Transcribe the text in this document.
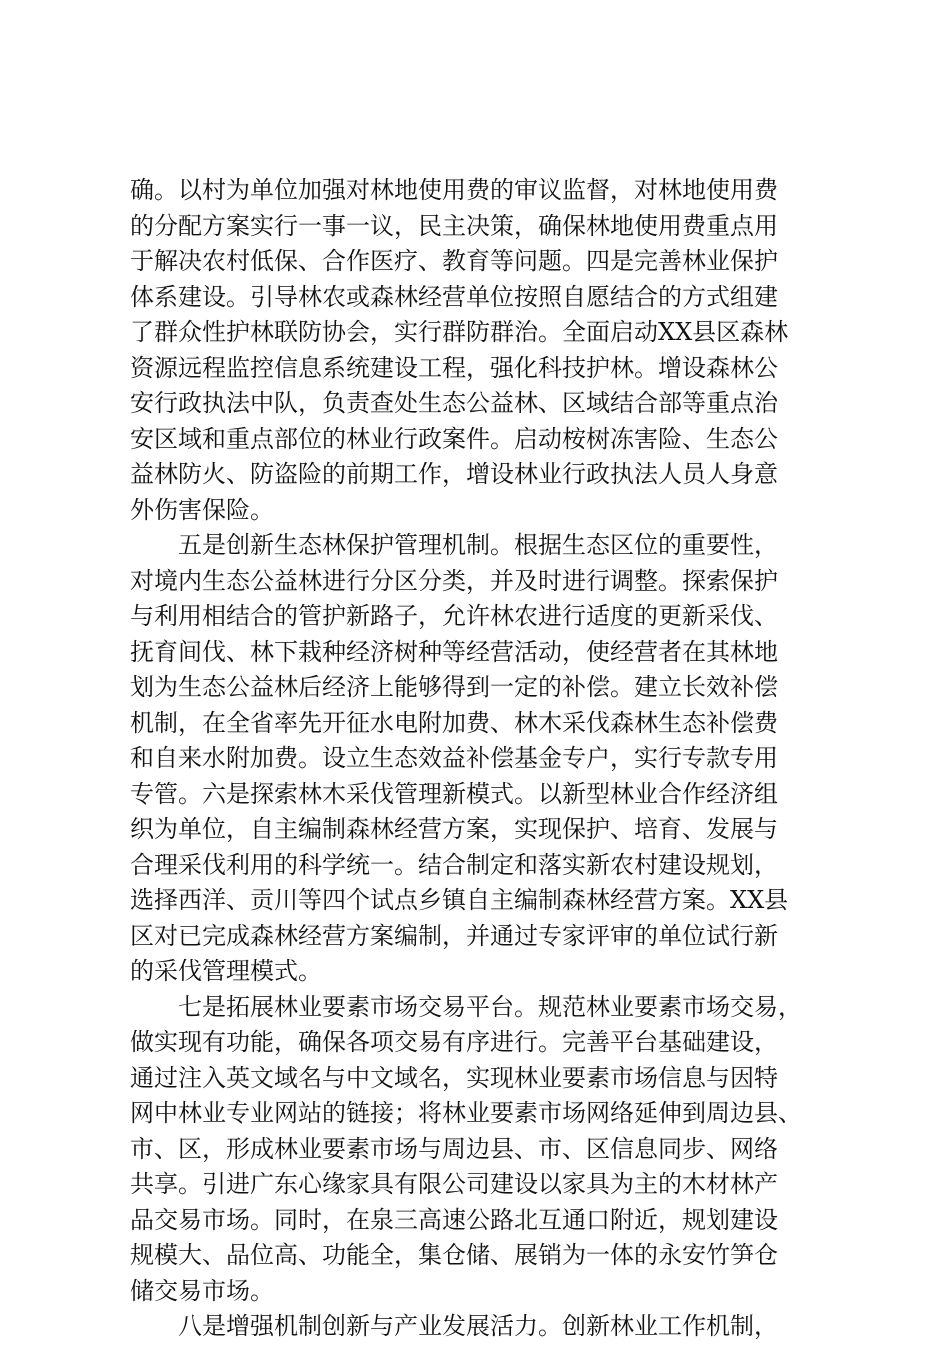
确。以村为单位加强对林地使用费的审议监督，对林地使用费
的分配方案实行一事一议，民主决策，确保林地使用费重点用
于解决农村低保、合作医疗、教育等问题。四是完善林业保护
体系建设。引导林农或森林经营单位按照自愿结合的方式组建
了群众性护林联防协会，实行群防群治。全面启动XX县区森林
资源远程监控信息系统建设工程，强化科技护林。增设森林公
安行政执法中队，负责查处生态公益林、区域结合部等重点治
安区域和重点部位的林业行政案件。启动桉树冻害险、生态公
益林防火、防盗险的前期工作，增设林业行政执法人员人身意
外伤害保险。
五是创新生态林保护管理机制。根据生态区位的重要性，
对境内生态公益林进行分区分类，并及时进行调整。探索保护
与利用相结合的管护新路子，允许林农进行适度的更新采伐、
抚育间伐、林下栽种经济树种等经营活动，使经营者在其林地
划为生态公益林后经济上能够得到一定的补偿。建立长效补偿
机制，在全省率先开征水电附加费、林木采伐森林生态补偿费
和自来水附加费。设立生态效益补偿基金专户，实行专款专用
专管。六是探索林木采伐管理新模式。以新型林业合作经济组
织为单位，自主编制森林经营方案，实现保护、培育、发展与
合理采伐利用的科学统一。结合制定和落实新农村建设规划，
选择西洋、贡川等四个试点乡镇自主编制森林经营方案。XX县
区对已完成森林经营方案编制，并通过专家评审的单位试行新
的采伐管理模式。
七是拓展林业要素市场交易平台。规范林业要素市场交易，
做实现有功能，确保各项交易有序进行。完善平台基础建设，
通过注入英文域名与中文域名，实现林业要素市场信息与因特
网中林业专业网站的链接；将林业要素市场网络延伸到周边县、
市、区，形成林业要素市场与周边县、市、区信息同步、网络
共享。引进广东心缘家具有限公司建设以家具为主的木材林产
品交易市场。同时，在泉三高速公路北互通口附近，规划建设
规模大、品位高、功能全，集仓储、展销为一体的永安竹笋仓
储交易市场。
八是增强机制创新与产业发展活力。创新林业工作机制，
